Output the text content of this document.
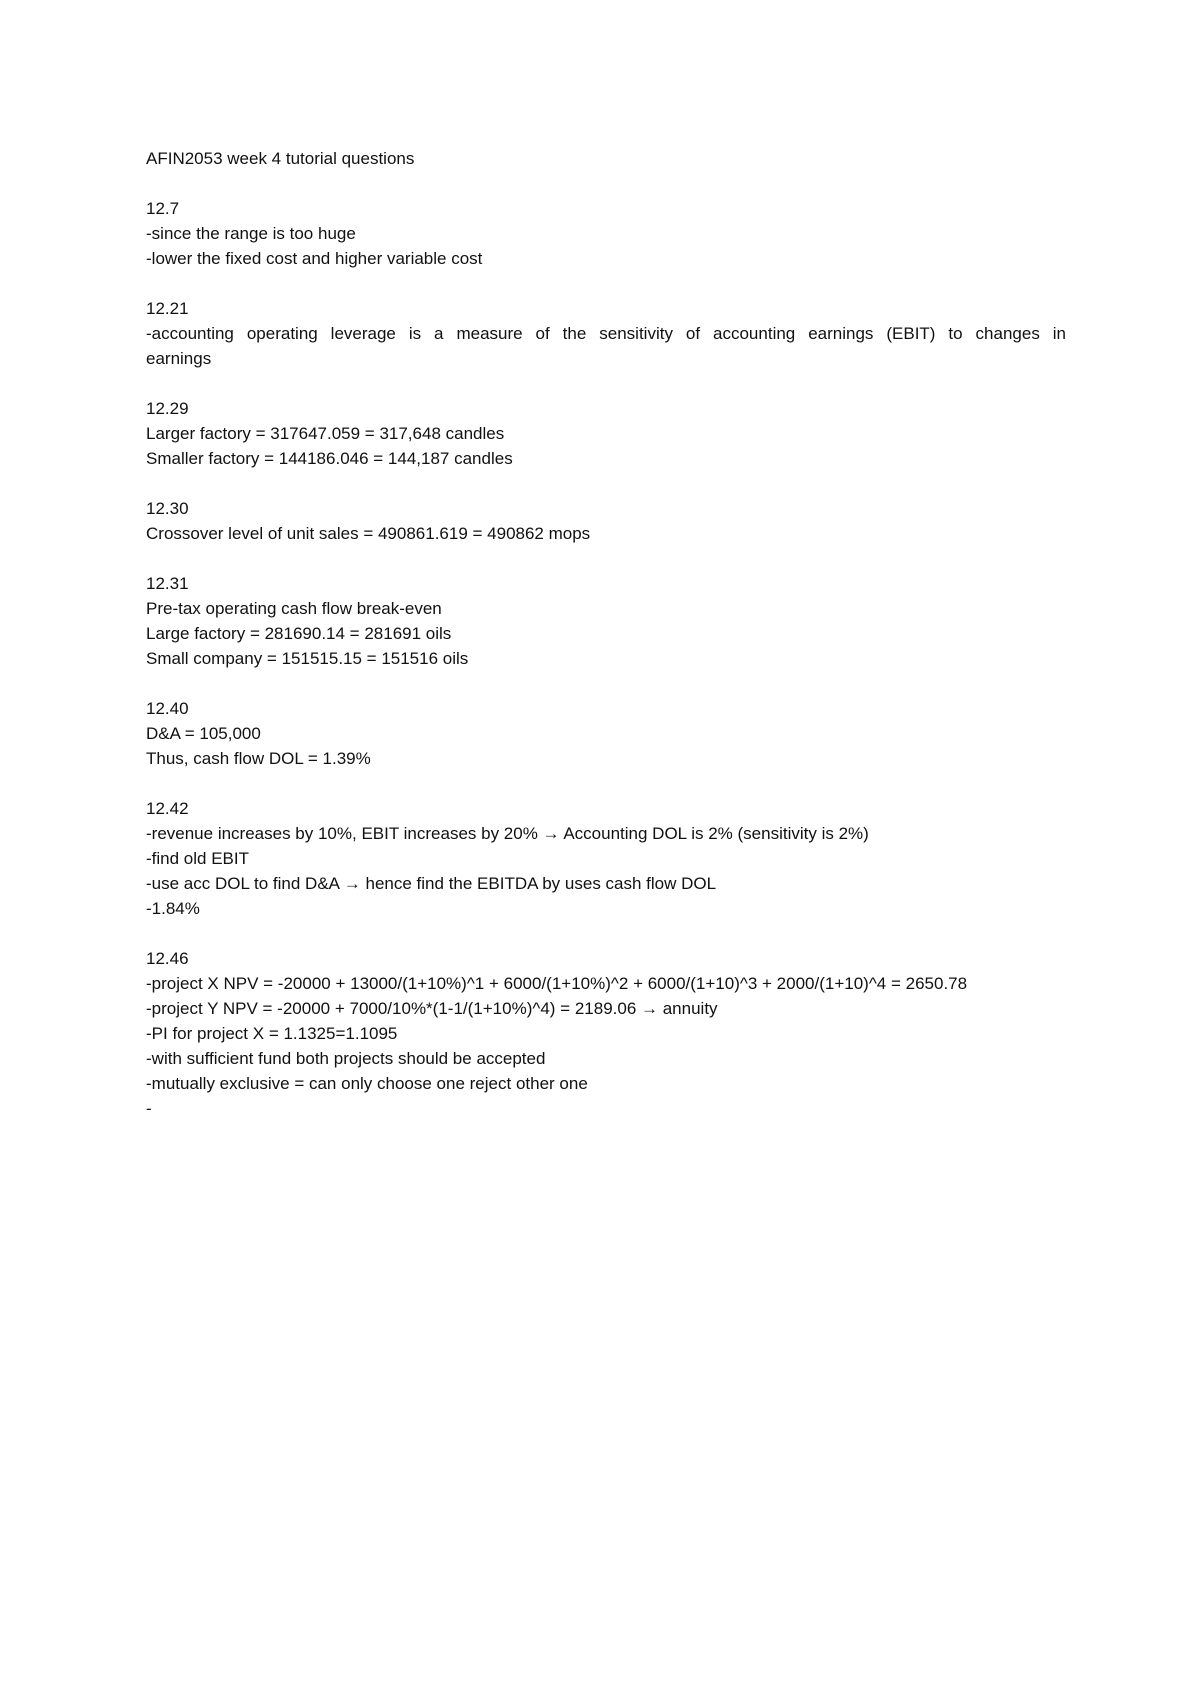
AFIN2053 week 4 tutorial questions
12.7
-since the range is too huge
-lower the fixed cost and higher variable cost
12.21
-accounting operating leverage is a measure of the sensitivity of accounting earnings (EBIT) to changes in
earnings
12.29
Larger factory = 317647.059 = 317,648 candles
Smaller factory = 144186.046 = 144,187 candles
12.30
Crossover level of unit sales = 490861.619 = 490862 mops
12.31
Pre-tax operating cash flow break-even
Large factory = 281690.14 = 281691 oils
Small company = 151515.15 = 151516 oils
12.40
D&A = 105,000
Thus, cash flow DOL = 1.39%
12.42
-revenue increases by 10%, EBIT increases by 20% → Accounting DOL is 2% (sensitivity is 2%)
-find old EBIT
-use acc DOL to find D&A → hence find the EBITDA by uses cash flow DOL
-1.84%
12.46
-project X NPV = -20000 + 13000/(1+10%)^1 + 6000/(1+10%)^2 + 6000/(1+10)^3 + 2000/(1+10)^4 = 2650.78
-project Y NPV = -20000 + 7000/10%*(1-1/(1+10%)^4) = 2189.06 → annuity
-PI for project X = 1.1325=1.1095
-with sufficient fund both projects should be accepted
-mutually exclusive = can only choose one reject other one
-
